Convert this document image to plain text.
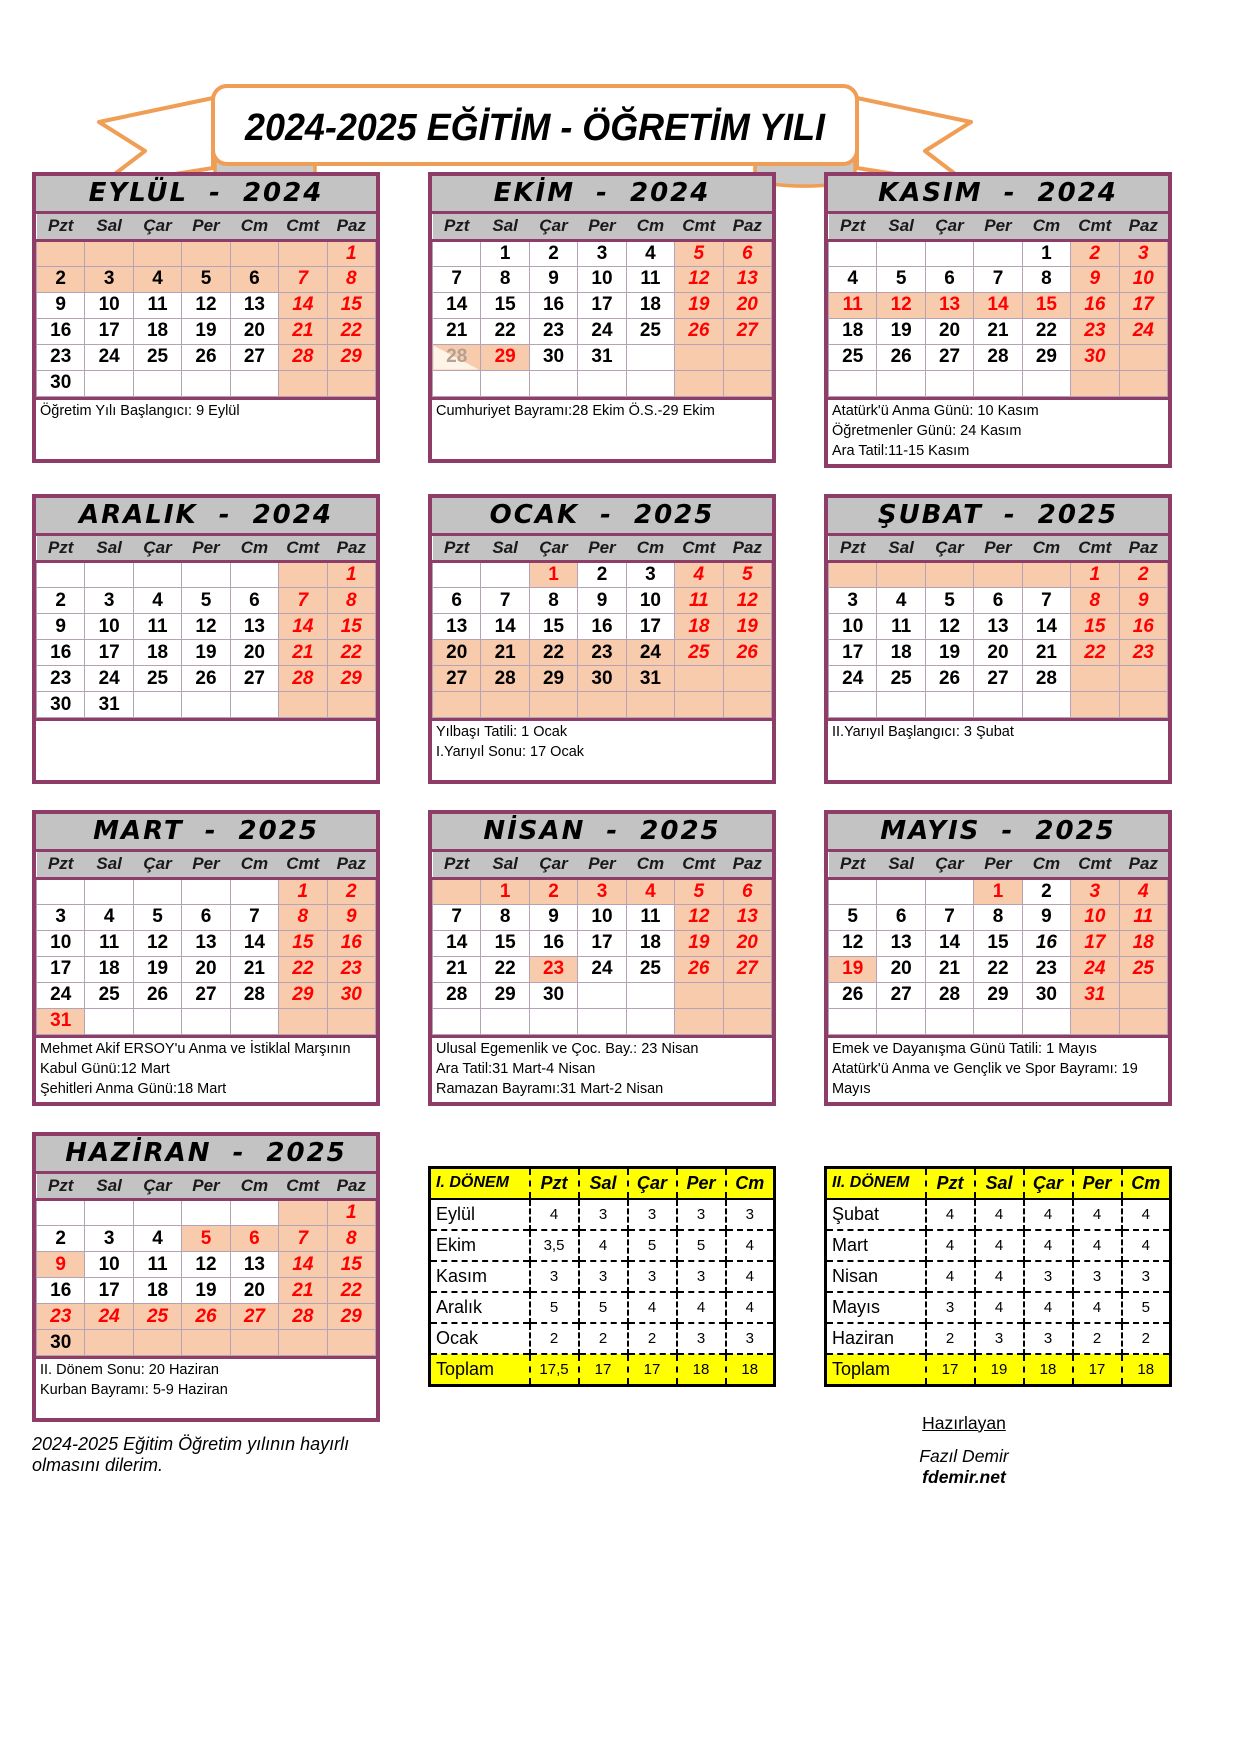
2024-2025 EĞİTİM - ÖĞRETİM YILI
EYLÜL - 2024
Pzt	Sal	Çar	Per	Cm	Cmt	Paz
						1
2	3	4	5	6	7	8
9	10	11	12	13	14	15
16	17	18	19	20	21	22
23	24	25	26	27	28	29
30						
Öğretim Yılı Başlangıcı: 9 Eylül
EKİM - 2024
Pzt	Sal	Çar	Per	Cm	Cmt	Paz
	1	2	3	4	5	6
7	8	9	10	11	12	13
14	15	16	17	18	19	20
21	22	23	24	25	26	27
28	29	30	31			

Cumhuriyet Bayramı:28 Ekim Ö.S.-29 Ekim
KASIM - 2024
Pzt	Sal	Çar	Per	Cm	Cmt	Paz
				1	2	3
4	5	6	7	8	9	10
11	12	13	14	15	16	17
18	19	20	21	22	23	24
25	26	27	28	29	30	

Atatürk'ü Anma Günü: 10 Kasım
Öğretmenler Günü: 24 Kasım
Ara Tatil:11-15 Kasım
ARALIK - 2024
Pzt	Sal	Çar	Per	Cm	Cmt	Paz
						1
2	3	4	5	6	7	8
9	10	11	12	13	14	15
16	17	18	19	20	21	22
23	24	25	26	27	28	29
30	31					
OCAK - 2025
Pzt	Sal	Çar	Per	Cm	Cmt	Paz
		1	2	3	4	5
6	7	8	9	10	11	12
13	14	15	16	17	18	19
20	21	22	23	24	25	26
27	28	29	30	31		

Yılbaşı Tatili: 1 Ocak
I.Yarıyıl Sonu: 17 Ocak
ŞUBAT - 2025
Pzt	Sal	Çar	Per	Cm	Cmt	Paz
					1	2
3	4	5	6	7	8	9
10	11	12	13	14	15	16
17	18	19	20	21	22	23
24	25	26	27	28		

II.Yarıyıl Başlangıcı: 3 Şubat
MART - 2025
Pzt	Sal	Çar	Per	Cm	Cmt	Paz
					1	2
3	4	5	6	7	8	9
10	11	12	13	14	15	16
17	18	19	20	21	22	23
24	25	26	27	28	29	30
31						
Mehmet Akif ERSOY'u Anma ve İstiklal Marşının Kabul Günü:12 Mart
Şehitleri Anma Günü:18 Mart
NİSAN - 2025
Pzt	Sal	Çar	Per	Cm	Cmt	Paz
	1	2	3	4	5	6
7	8	9	10	11	12	13
14	15	16	17	18	19	20
21	22	23	24	25	26	27
28	29	30				

Ulusal Egemenlik ve Çoc. Bay.: 23 Nisan
Ara Tatil:31 Mart-4 Nisan
Ramazan Bayramı:31 Mart-2 Nisan
MAYIS - 2025
Pzt	Sal	Çar	Per	Cm	Cmt	Paz
			1	2	3	4
5	6	7	8	9	10	11
12	13	14	15	16	17	18
19	20	21	22	23	24	25
26	27	28	29	30	31	

Emek ve Dayanışma Günü Tatili: 1 Mayıs
Atatürk'ü Anma ve Gençlik ve Spor Bayramı: 19 Mayıs
HAZİRAN - 2025
Pzt	Sal	Çar	Per	Cm	Cmt	Paz
						1
2	3	4	5	6	7	8
9	10	11	12	13	14	15
16	17	18	19	20	21	22
23	24	25	26	27	28	29
30						
II. Dönem Sonu: 20 Haziran
Kurban Bayramı: 5-9 Haziran
2024-2025 Eğitim Öğretim yılının hayırlı olmasını dilerim.
I. DÖNEM	Pzt	Sal	Çar	Per	Cm
Eylül	4	3	3	3	3
Ekim	3,5	4	5	5	4
Kasım	3	3	3	3	4
Aralık	5	5	4	4	4
Ocak	2	2	2	3	3
Toplam	17,5	17	17	18	18
II. DÖNEM	Pzt	Sal	Çar	Per	Cm
Şubat	4	4	4	4	4
Mart	4	4	4	4	4
Nisan	4	4	3	3	3
Mayıs	3	4	4	4	5
Haziran	2	3	3	2	2
Toplam	17	19	18	17	18
Hazırlayan
Fazıl Demir
fdemir.net
